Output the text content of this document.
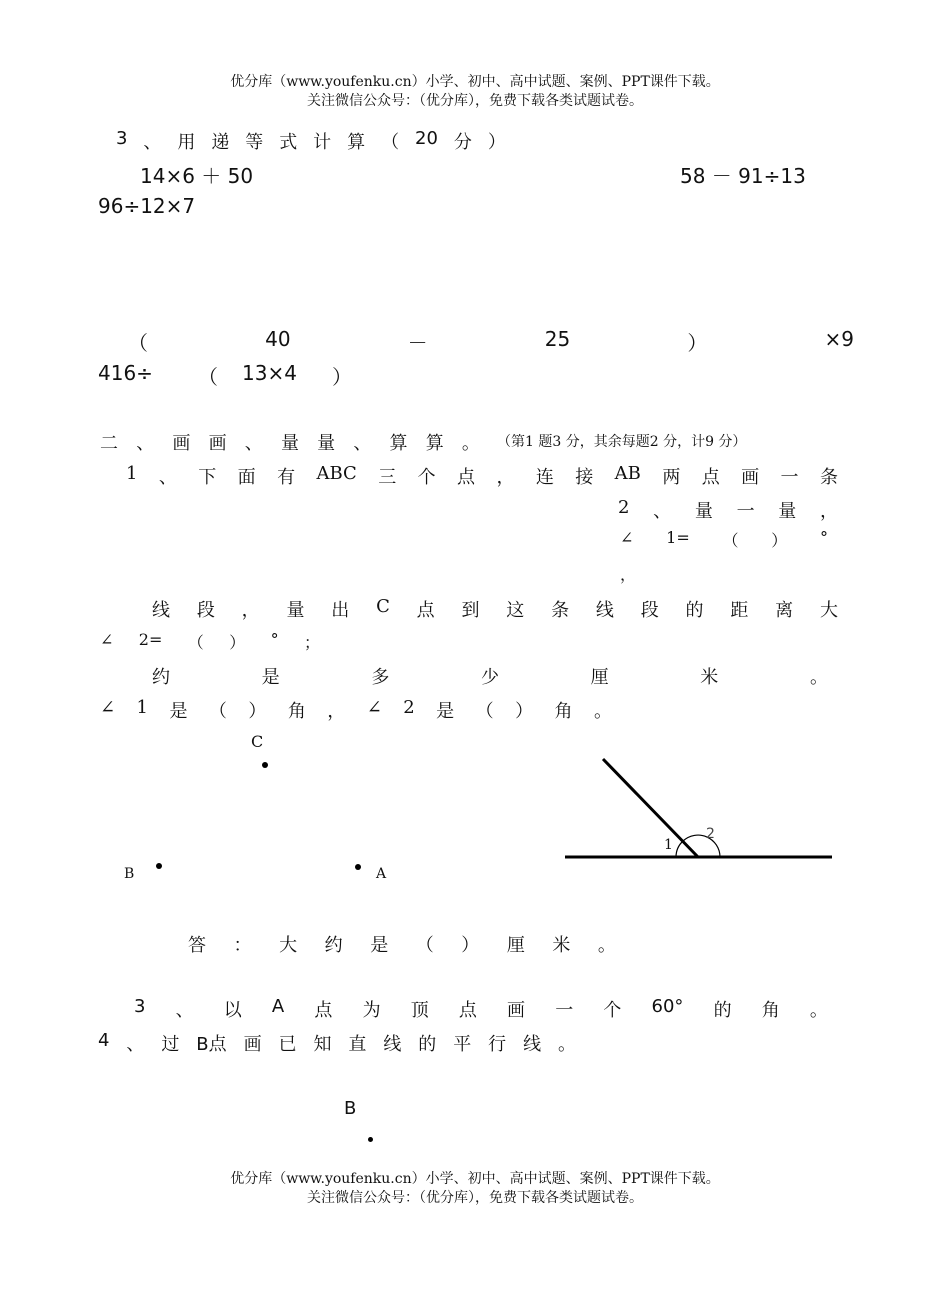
优分库（www.youfenku.cn）小学、初中、高中试题、案例、PPT课件下载。
关注微信公众号：（优分库），免费下载各类试题试卷。
3 、 用 递 等 式 计 算 （ 20 分 ）
14×6 ＋ 50	58 － 91÷13
96÷12×7
（	40	－	25	）	×9
416÷ （ 13×4 ）
二 、 画 画 、 量 量 、 算 算 。 （第1 题3 分，其余每题2 分，计9 分）
1 、 下 面 有 ABC 三 个 点 ， 连 接 AB 两 点 画 一 条
2 、 量 一 量 ，
∠ 1= （ ） °
，
线 段 ， 量 出 C 点 到 这 条 线 段 的 距 离 大
∠ 2= （ ） ° ；
约	是	多	少	厘	米	。
∠ 1 是 （ ） 角 ， ∠ 2 是 （ ） 角 。
C
B	A
1
2
答 ： 大 约 是 （ ） 厘 米 。
3 、 以 A 点 为 顶 点 画 一 个 60° 的 角 。
4 、 过 B点 画 已 知 直 线 的 平 行 线 。
B
优分库（www.youfenku.cn）小学、初中、高中试题、案例、PPT课件下载。
关注微信公众号：（优分库），免费下载各类试题试卷。
